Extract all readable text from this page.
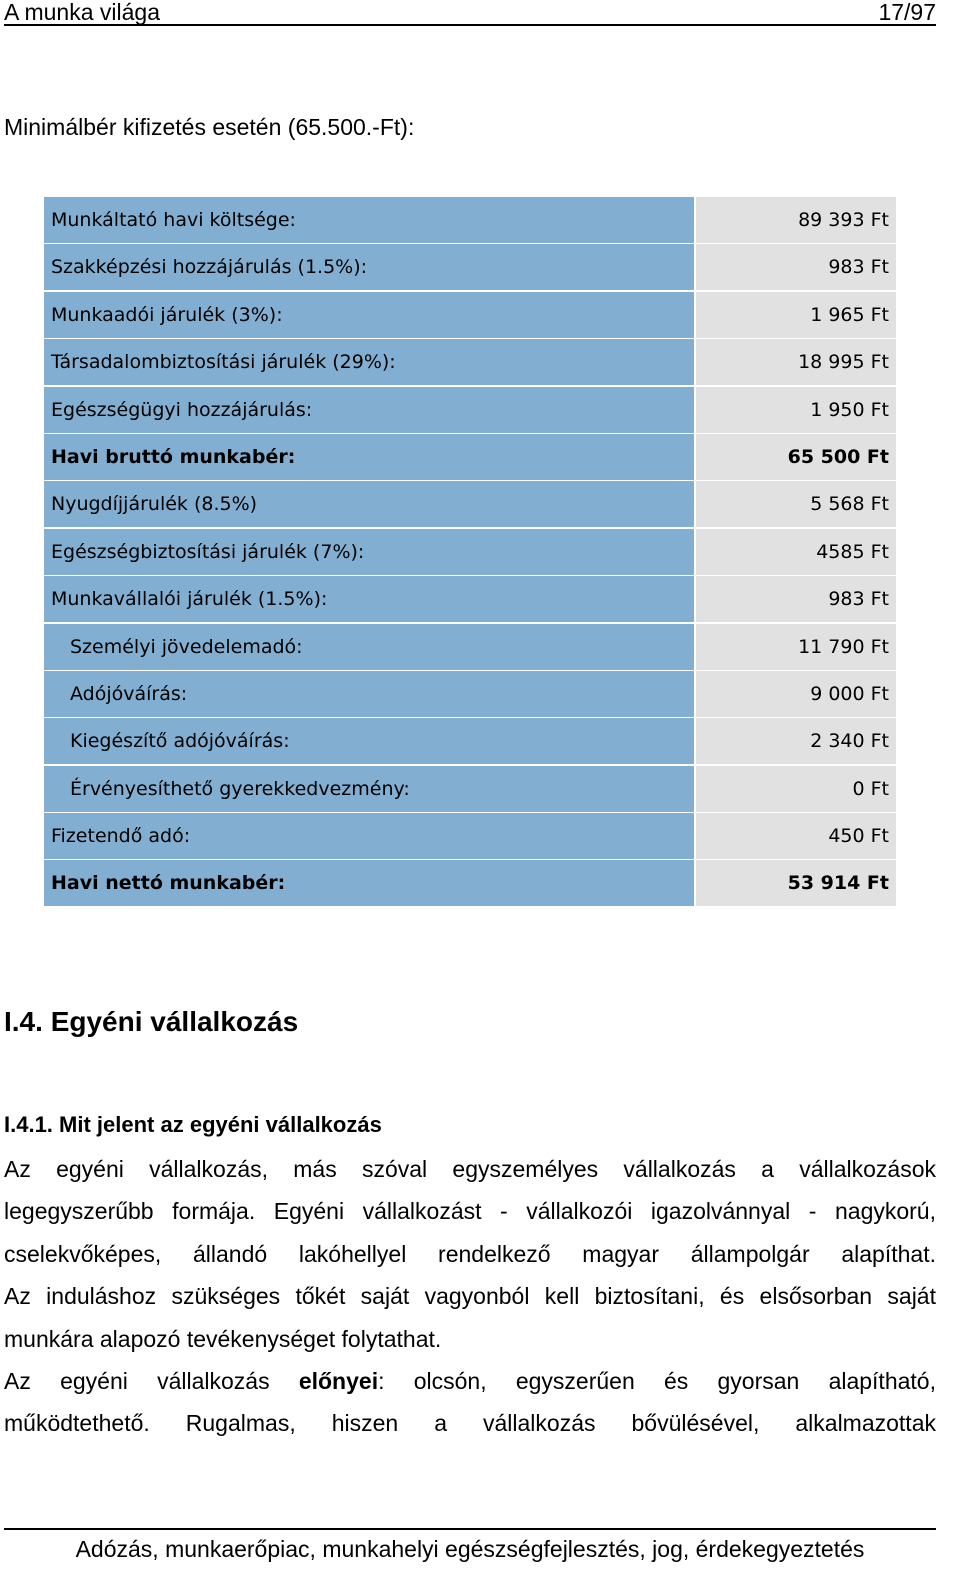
A munka világa	17/97
Minimálbér kifizetés esetén (65.500.-Ft):
Munkáltató havi költsége:	89 393 Ft
Szakképzési hozzájárulás (1.5%):	983 Ft
Munkaadói járulék (3%):	1 965 Ft
Társadalombiztosítási járulék (29%):	18 995 Ft
Egészségügyi hozzájárulás:	1 950 Ft
Havi bruttó munkabér:	65 500 Ft
Nyugdíjjárulék (8.5%)	5 568 Ft
Egészségbiztosítási járulék (7%):	4585 Ft
Munkavállalói járulék (1.5%):	983 Ft
Személyi jövedelemadó:	11 790 Ft
Adójóváírás:	9 000 Ft
Kiegészítő adójóváírás:	2 340 Ft
Érvényesíthető gyerekkedvezmény:	0 Ft
Fizetendő adó:	450 Ft
Havi nettó munkabér:	53 914 Ft
I.4. Egyéni vállalkozás
I.4.1. Mit jelent az egyéni vállalkozás
Az egyéni vállalkozás, más szóval egyszemélyes vállalkozás a vállalkozások
legegyszerűbb formája. Egyéni vállalkozást - vállalkozói igazolvánnyal - nagykorú,
cselekvőképes, állandó lakóhellyel rendelkező magyar állampolgár alapíthat.
Az induláshoz szükséges tőkét saját vagyonból kell biztosítani, és elsősorban saját
munkára alapozó tevékenységet folytathat.
Az egyéni vállalkozás előnyei: olcsón, egyszerűen és gyorsan alapítható,
működtethető. Rugalmas, hiszen a vállalkozás bővülésével, alkalmazottak
Adózás, munkaerőpiac, munkahelyi egészségfejlesztés, jog, érdekegyeztetés
